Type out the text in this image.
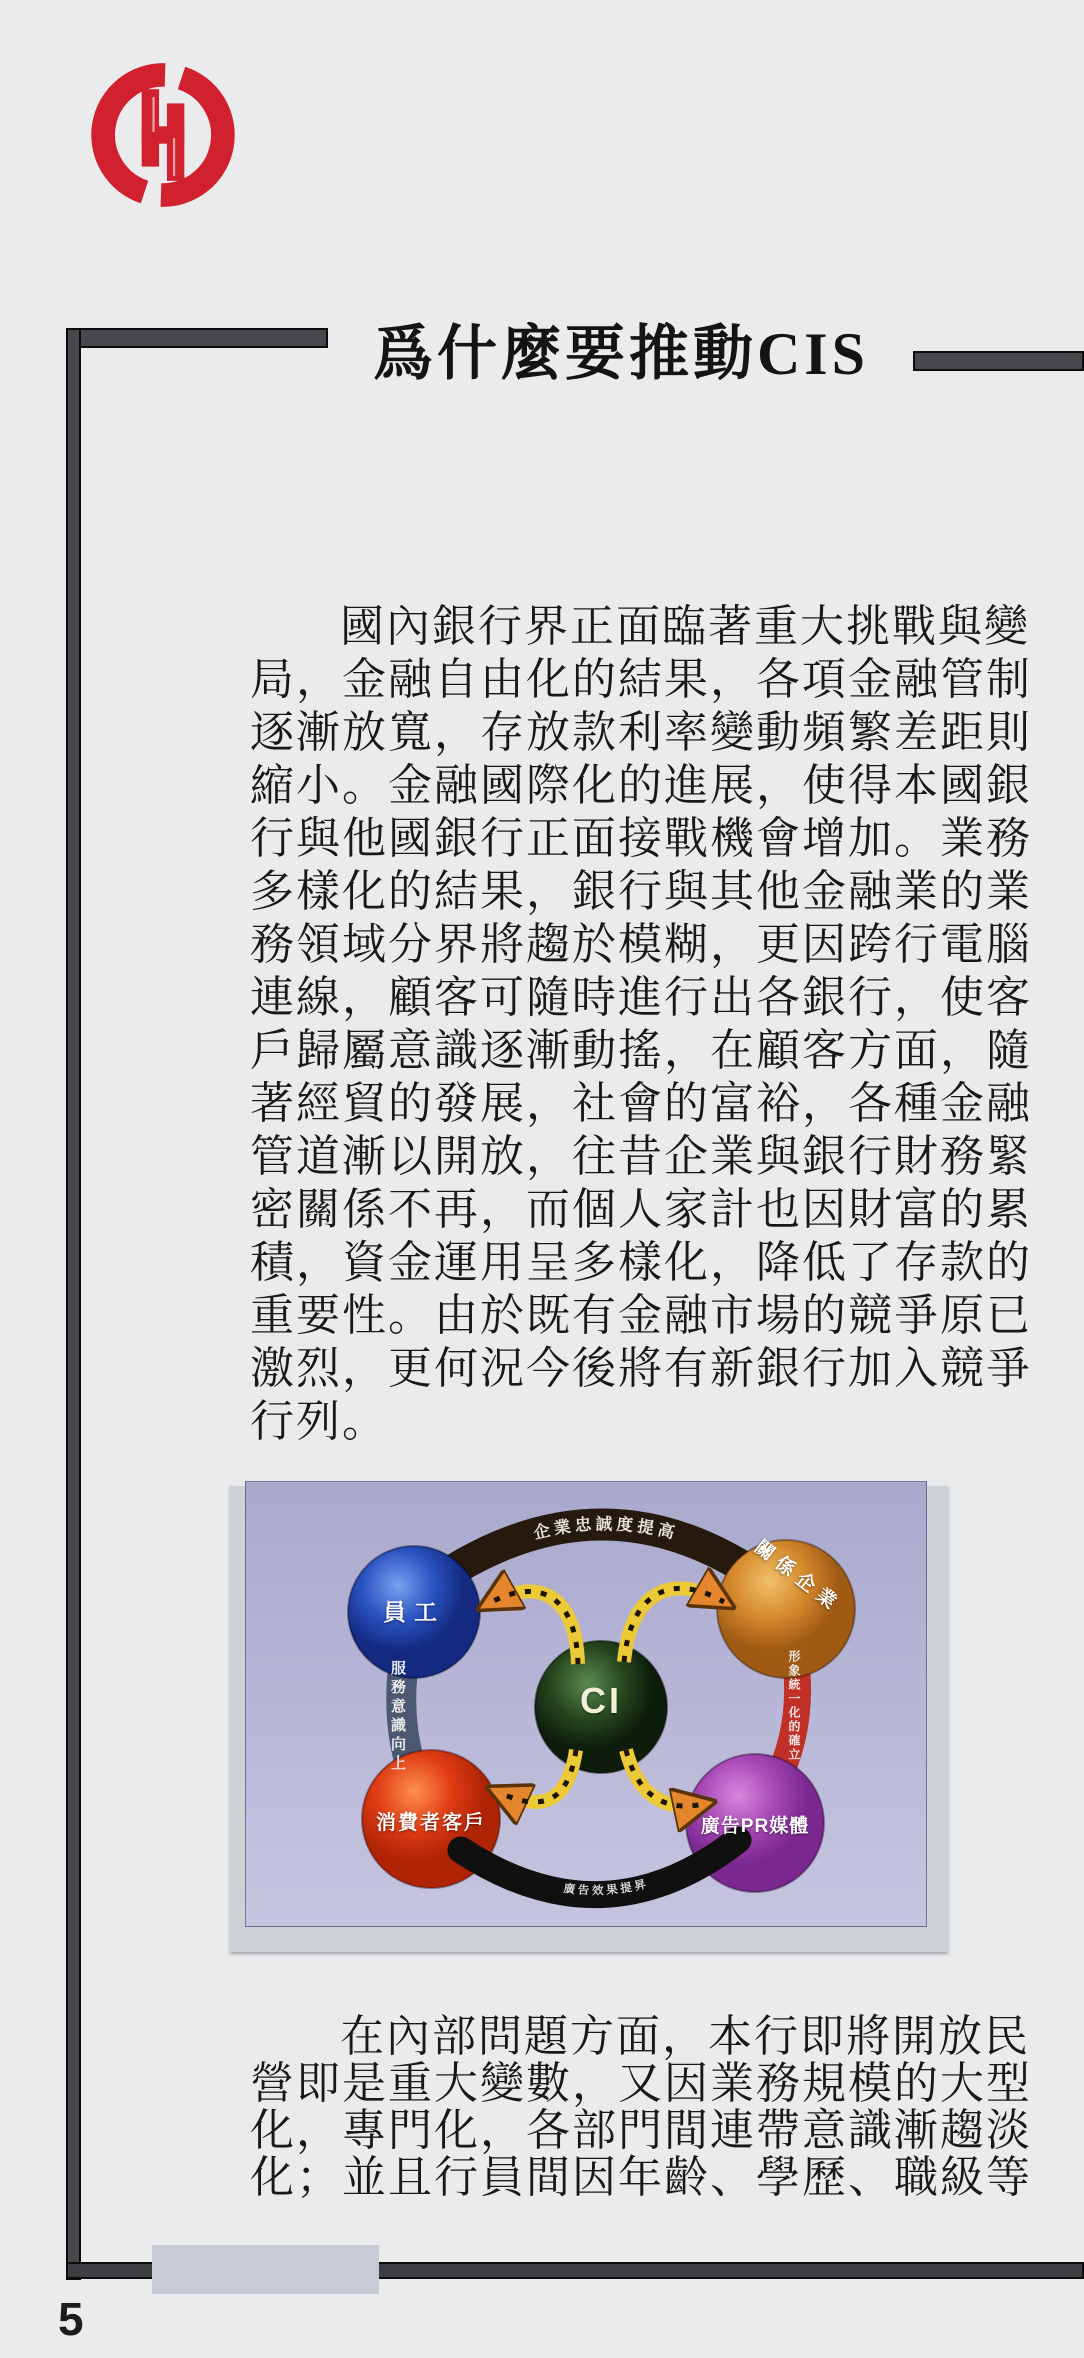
爲什麼要推動CIS
國內銀行界正面臨著重大挑戰與變
局，金融自由化的結果，各項金融管制
逐漸放寬，存放款利率變動頻繁差距則
縮小。金融國際化的進展，使得本國銀
行與他國銀行正面接戰機會增加。業務
多樣化的結果，銀行與其他金融業的業
務領域分界將趨於模糊，更因跨行電腦
連線，顧客可隨時進行出各銀行，使客
戶歸屬意識逐漸動搖，在顧客方面，隨
著經貿的發展，社會的富裕，各種金融
管道漸以開放，往昔企業與銀行財務緊
密關係不再，而個人家計也因財富的累
積，資金運用呈多樣化，降低了存款的
重要性。由於既有金融市場的競爭原已
激烈，更何況今後將有新銀行加入競爭
行列。
企業忠誠度提高
廣告效果提昇
員工	關係企業
消費者客戶	廣告PR媒體
CI
服務意識向上	形象統一化的確立
在內部問題方面，本行即將開放民
營即是重大變數，又因業務規模的大型
化，專門化，各部門間連帶意識漸趨淡
化；並且行員間因年齡、學歷、職級等
5
